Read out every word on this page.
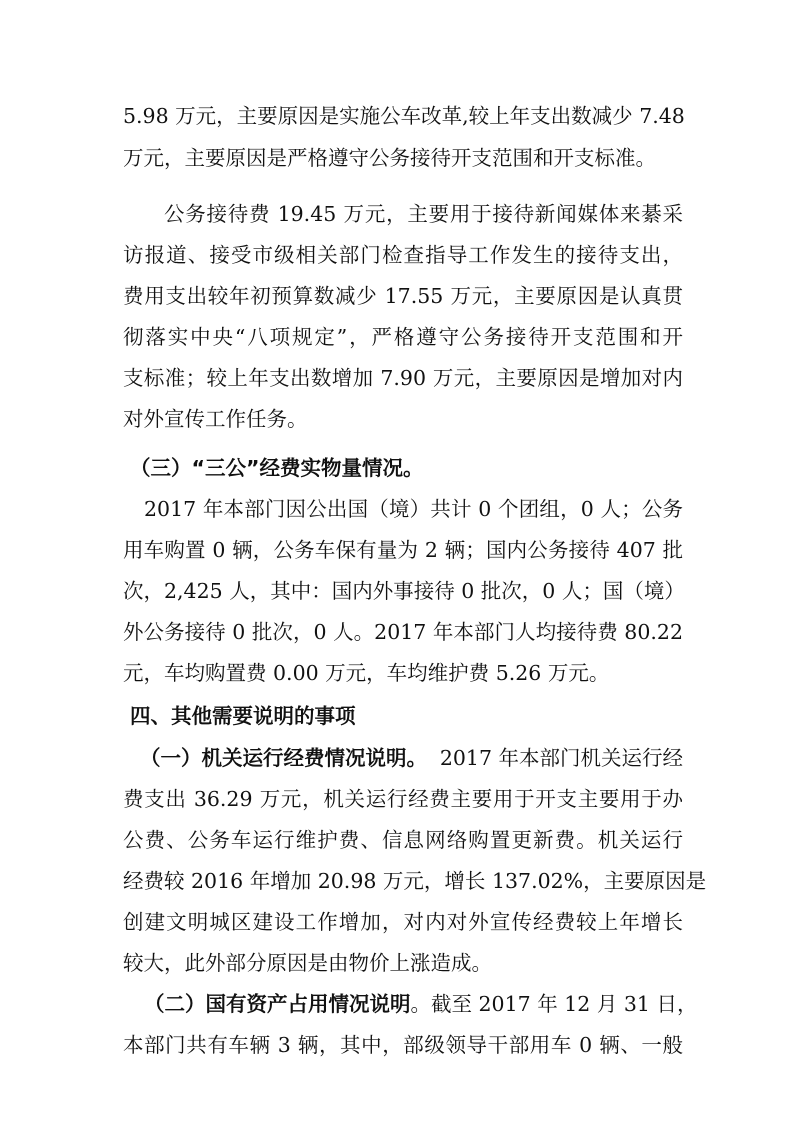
5.98 万元，主要原因是实施公车改革,较上年支出数减少 7.48
万元，主要原因是严格遵守公务接待开支范围和开支标准。
公务接待费 19.45 万元，主要用于接待新闻媒体来綦采
访报道、接受市级相关部门检查指导工作发生的接待支出，
费用支出较年初预算数减少 17.55 万元，主要原因是认真贯
彻落实中央“八项规定”，严格遵守公务接待开支范围和开
支标准；较上年支出数增加 7.90 万元，主要原因是增加对内
对外宣传工作任务。
（三）“三公”经费实物量情况。
2017 年本部门因公出国（境）共计 0 个团组，0 人；公务
用车购置 0 辆，公务车保有量为 2 辆；国内公务接待 407 批
次，2,425 人，其中：国内外事接待 0 批次，0 人；国（境）
外公务接待 0 批次，0 人。2017 年本部门人均接待费 80.22
元，车均购置费 0.00 万元，车均维护费 5.26 万元。
四、其他需要说明的事项
（一）机关运行经费情况说明。 2017 年本部门机关运行经
费支出 36.29 万元，机关运行经费主要用于开支主要用于办
公费、公务车运行维护费、信息网络购置更新费。机关运行
经费较 2016 年增加 20.98 万元，增长 137.02%，主要原因是
创建文明城区建设工作增加，对内对外宣传经费较上年增长
较大，此外部分原因是由物价上涨造成。
（二）国有资产占用情况说明 。截至 2017 年 12 月 31 日，
本部门共有车辆 3 辆，其中，部级领导干部用车 0 辆、一般
